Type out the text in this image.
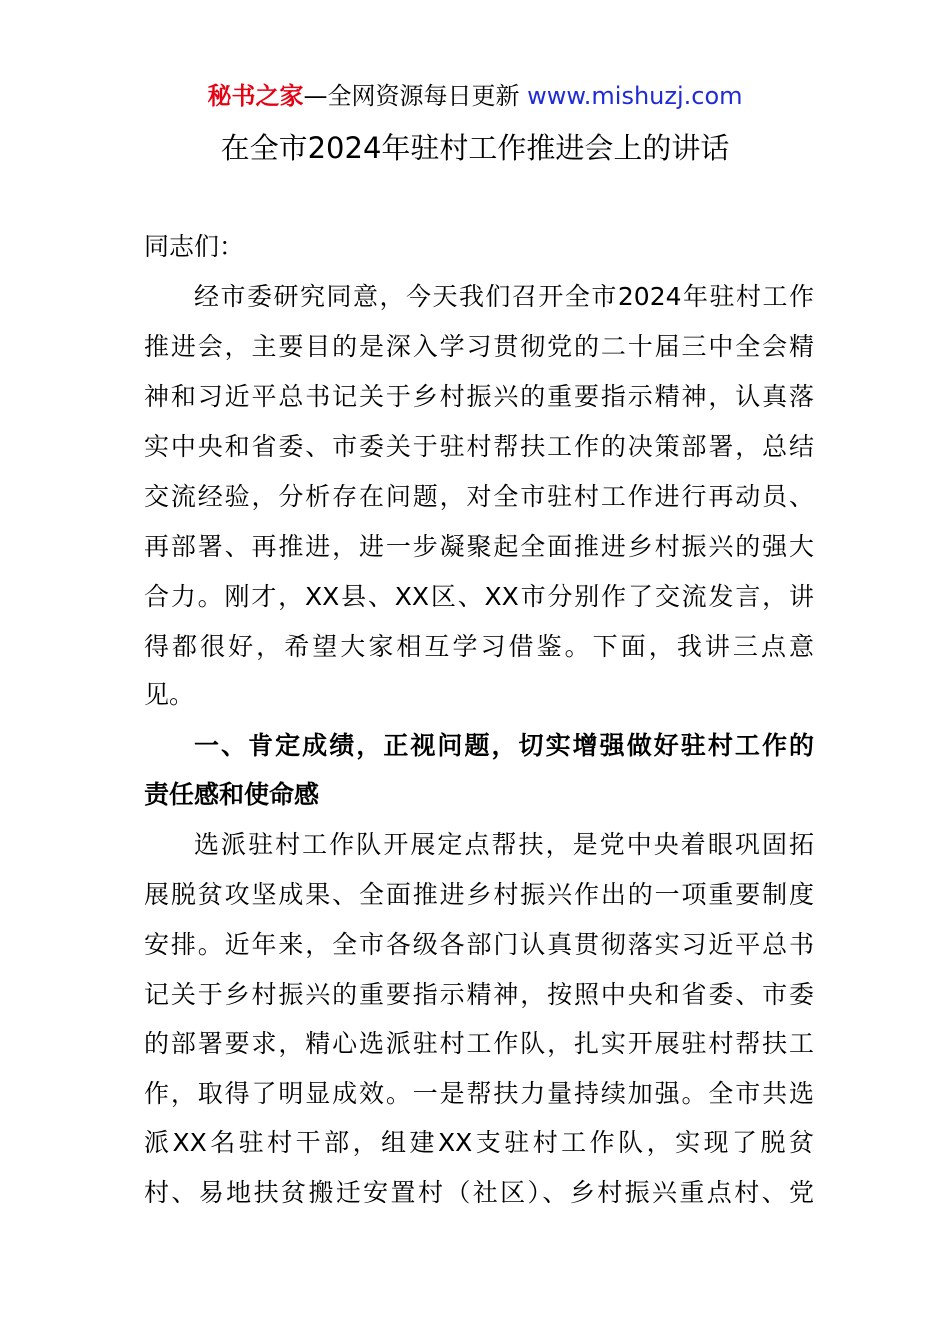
秘书之家—全网资源每日更新 www.mishuzj.com
在全市2024年驻村工作推进会上的讲话
同志们：
经市委研究同意，今天我们召开全市2024年驻村工作
推进会，主要目的是深入学习贯彻党的二十届三中全会精
神和习近平总书记关于乡村振兴的重要指示精神，认真落
实中央和省委、市委关于驻村帮扶工作的决策部署，总结
交流经验，分析存在问题，对全市驻村工作进行再动员、
再部署、再推进，进一步凝聚起全面推进乡村振兴的强大
合力。刚才，XX县、XX区、XX市分别作了交流发言，讲
得都很好，希望大家相互学习借鉴。下面，我讲三点意
见。
一、肯定成绩，正视问题，切实增强做好驻村工作的
责任感和使命感
选派驻村工作队开展定点帮扶，是党中央着眼巩固拓
展脱贫攻坚成果、全面推进乡村振兴作出的一项重要制度
安排。近年来，全市各级各部门认真贯彻落实习近平总书
记关于乡村振兴的重要指示精神，按照中央和省委、市委
的部署要求，精心选派驻村工作队，扎实开展驻村帮扶工
作，取得了明显成效。一是帮扶力量持续加强。全市共选
派XX名驻村干部，组建XX支驻村工作队，实现了脱贫
村、易地扶贫搬迁安置村（社区）、乡村振兴重点村、党
